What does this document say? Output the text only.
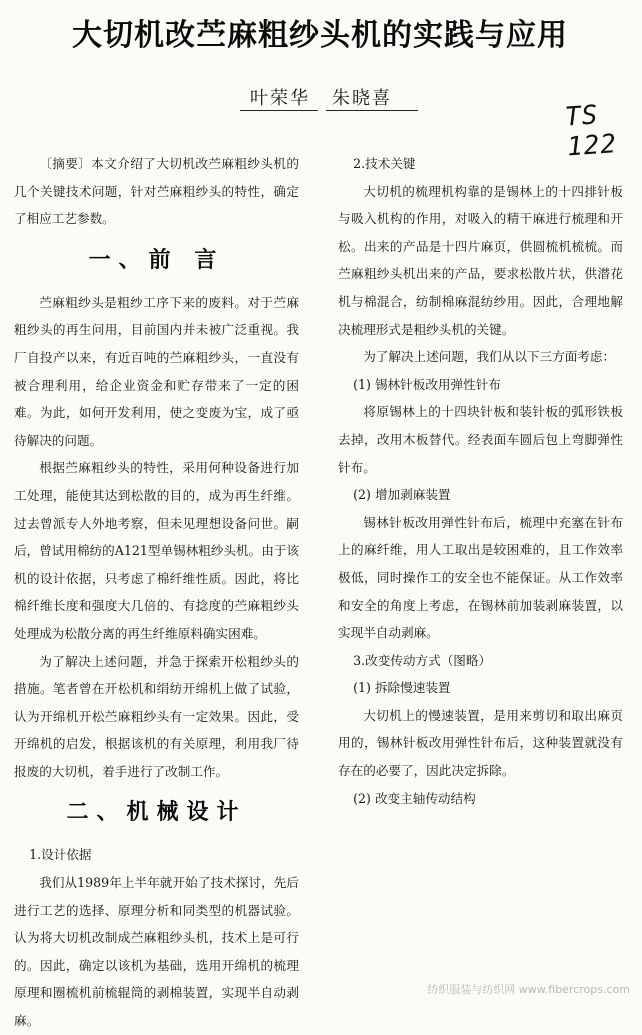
大切机改苎麻粗纱头机的实践与应用
叶荣华 朱晓喜
TS 122

〔摘要〕本文介绍了大切机改苎麻粗纱头机的几个关键技术问题，针对苎麻粗纱头的特性，确定了相应工艺参数。

一、前 言

苎麻粗纱头是粗纱工序下来的废料。对于苎麻粗纱头的再生问用，目前国内并未被广泛重视。我厂自投产以来，有近百吨的苎麻粗纱头，一直没有被合理利用，给企业资金和贮存带来了一定的困难。为此，如何开发利用，使之变废为宝，成了亟待解决的问题。

根据苎麻粗纱头的特性，采用何种设备进行加工处理，能使其达到松散的目的，成为再生纤维。过去曾派专人外地考察，但未见理想设备问世。嗣后，曾试用棉纺的A121型单锡林粗纱头机。由于该机的设计依据，只考虑了棉纤维性质。因此，将比棉纤维长度和强度大几倍的、有捻度的苎麻粗纱头处理成为松散分离的再生纤维原料确实困难。

为了解决上述问题，并急于探索开松粗纱头的措施。笔者曾在开松机和绢纺开绵机上做了试验，认为开绵机开松苎麻粗纱头有一定效果。因此，受开绵机的启发，根据该机的有关原理，利用我厂待报废的大切机，着手进行了改制工作。

二、机械设计

1.设计依据

我们从1989年上半年就开始了技术探讨，先后进行工艺的选择、原理分析和同类型的机器试验。认为将大切机改制成苎麻粗纱头机，技术上是可行的。因此，确定以该机为基础，选用开绵机的梳理原理和圈梳机前梳辊筒的剥棉装置，实现半自动剥麻。

2.技术关键

大切机的梳理机构靠的是锡林上的十四排针板与吸入机构的作用，对吸入的精干麻进行梳理和开松。出来的产品是十四片麻页，供圆梳机梳梳。而苎麻粗纱头机出来的产品，要求松散片状，供潜花机与棉混合，纺制棉麻混纺纱用。因此，合理地解决梳理形式是粗纱头机的关键。

为了解决上述问题，我们从以下三方面考虑：

(1) 锡林针板改用弹性针布

将原锡林上的十四块针板和装针板的弧形铁板去掉，改用木板替代。经表面车圆后包上弯脚弹性针布。

(2) 增加剥麻装置

锡林针板改用弹性针布后，梳理中充塞在针布上的麻纤维，用人工取出是较困难的，且工作效率极低，同时操作工的安全也不能保证。从工作效率和安全的角度上考虑，在锡林前加装剥麻装置，以实现半自动剥麻。

3.改变传动方式（图略）

(1) 拆除慢速装置

大切机上的慢速装置，是用来剪切和取出麻页用的，锡林针板改用弹性针布后，这种装置就没有存在的必要了，因此决定拆除。

(2) 改变主轴传动结构

纺织服装与纺织网 www.fibercrops.com
